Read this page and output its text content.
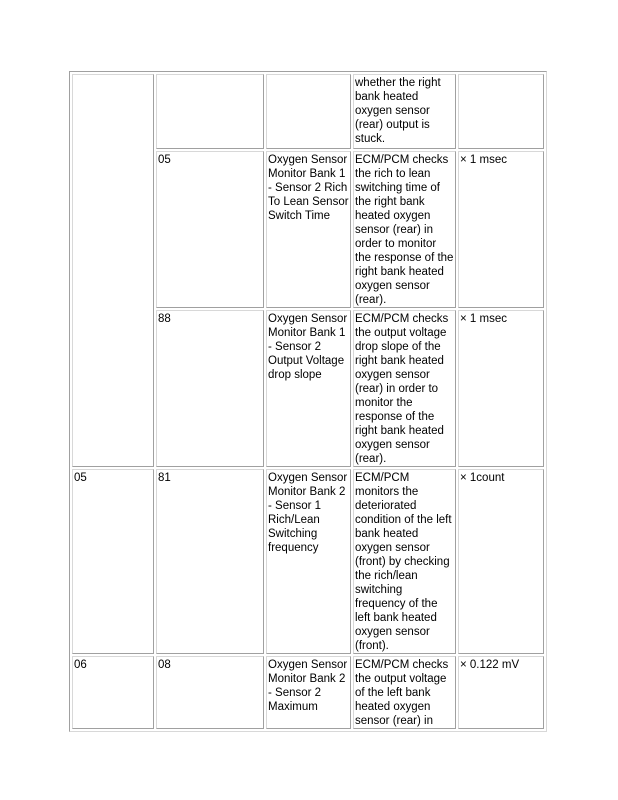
			whether the right bank heated oxygen sensor (rear) output is stuck.	

	05	Oxygen Sensor Monitor Bank 1 - Sensor 2 Rich To Lean Sensor Switch Time	ECM/PCM checks the rich to lean switching time of the right bank heated oxygen sensor (rear) in order to monitor the response of the right bank heated oxygen sensor (rear).	× 1 msec

	88	Oxygen Sensor Monitor Bank 1 - Sensor 2 Output Voltage drop slope	ECM/PCM checks the output voltage drop slope of the right bank heated oxygen sensor (rear) in order to monitor the response of the right bank heated oxygen sensor (rear).	× 1 msec

05	81	Oxygen Sensor Monitor Bank 2 - Sensor 1 Rich/Lean Switching frequency	ECM/PCM monitors the deteriorated condition of the left bank heated oxygen sensor (front) by checking the rich/lean switching frequency of the left bank heated oxygen sensor (front).	× 1count

06	08	Oxygen Sensor Monitor Bank 2 - Sensor 2 Maximum	ECM/PCM checks the output voltage of the left bank heated oxygen sensor (rear) in	× 0.122 mV
